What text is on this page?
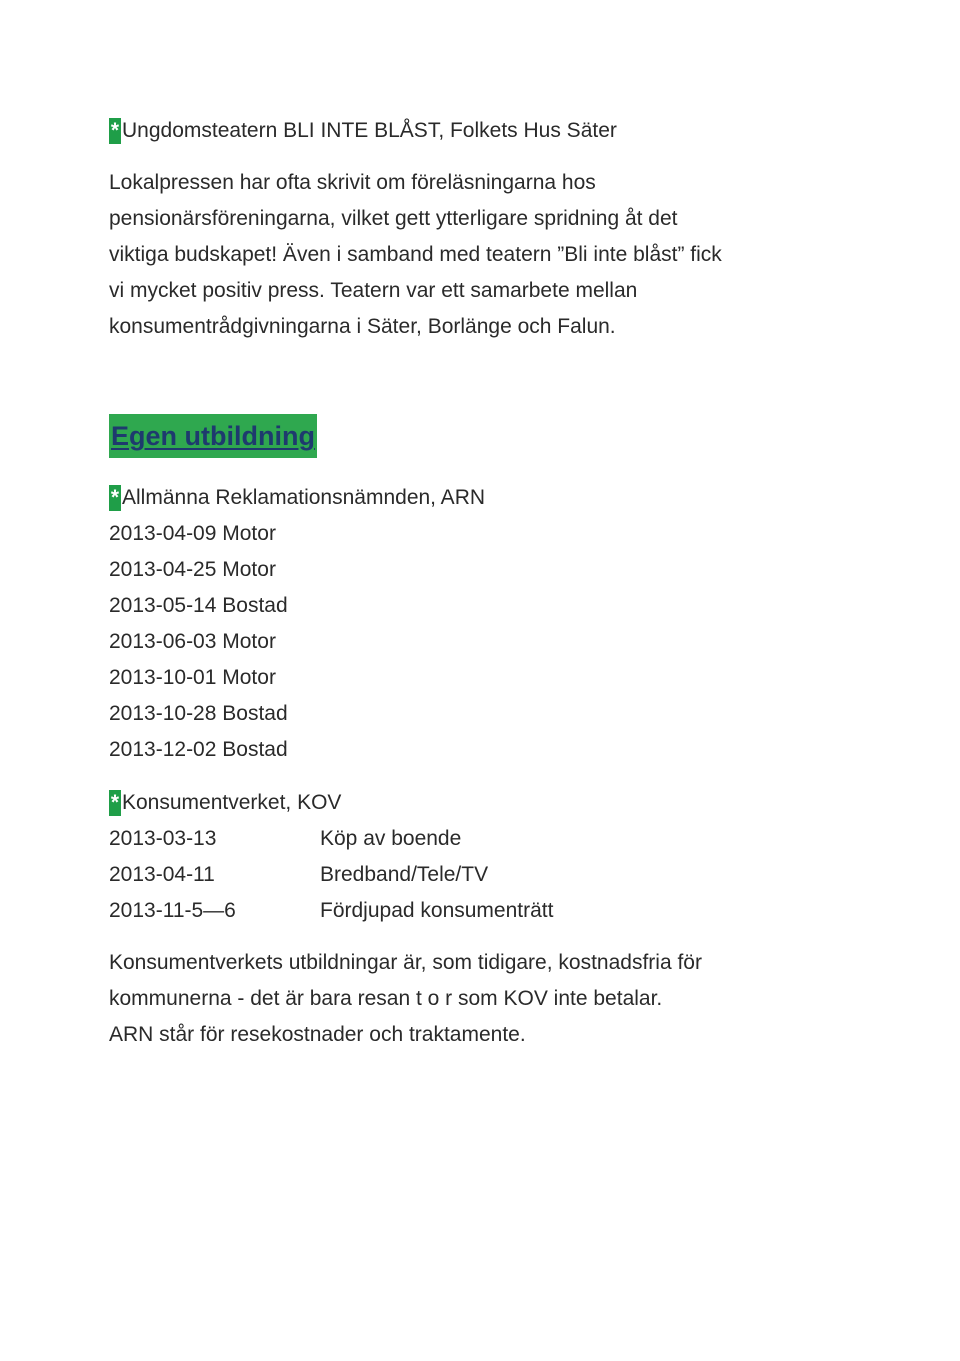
* Ungdomsteatern BLI INTE BLÅST, Folkets Hus Säter
Lokalpressen har ofta skrivit om föreläsningarna hos
pensionärsföreningarna, vilket gett ytterligare spridning åt det
viktiga budskapet! Även i samband med teatern ”Bli inte blåst” fick
vi mycket positiv press. Teatern var ett samarbete mellan
konsumentrådgivningarna i Säter, Borlänge och Falun.
Egen utbildning
* Allmänna Reklamationsnämnden, ARN
2013-04-09 Motor
2013-04-25 Motor
2013-05-14 Bostad
2013-06-03 Motor
2013-10-01 Motor
2013-10-28 Bostad
2013-12-02 Bostad
* Konsumentverket, KOV
2013-03-13	Köp av boende
2013-04-11	Bredband/Tele/TV
2013-11-5—6	Fördjupad konsumenträtt
Konsumentverkets utbildningar är, som tidigare, kostnadsfria för
kommunerna - det är bara resan t o r som KOV inte betalar.
ARN står för resekostnader och traktamente.
